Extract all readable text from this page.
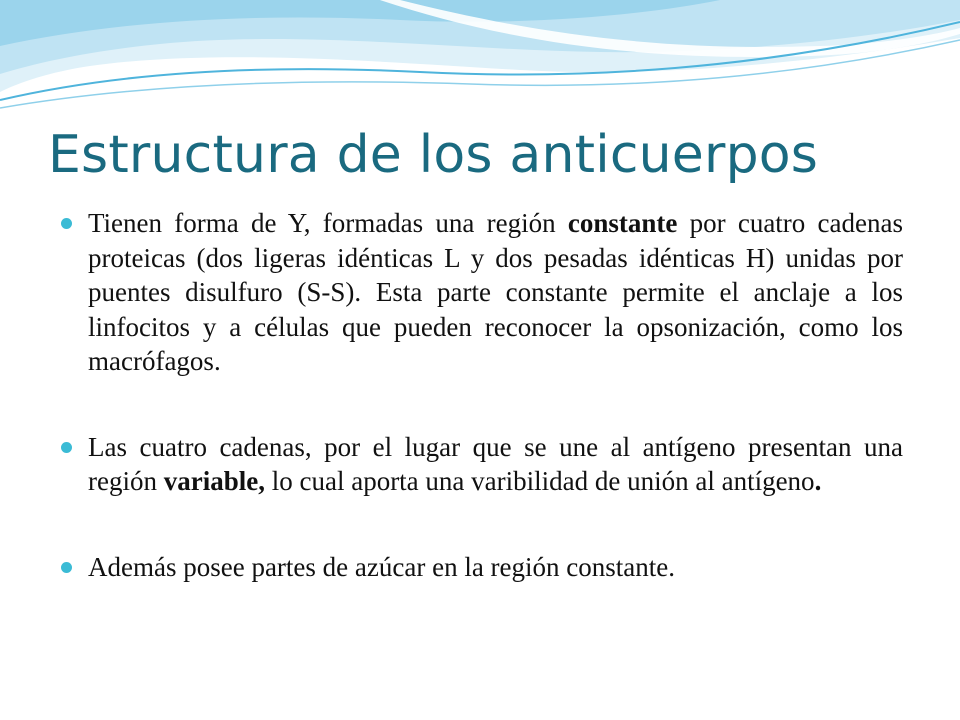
Estructura de los anticuerpos
Tienen forma de Y, formadas una región constante por cuatro cadenas proteicas (dos ligeras idénticas L y dos pesadas idénticas H) unidas por puentes disulfuro (S-S). Esta parte constante permite el anclaje a los linfocitos y a células que pueden reconocer la opsonización, como los macrófagos.
Las cuatro cadenas, por el lugar que se une al antígeno presentan una región variable, lo cual aporta una varibilidad de unión al antígeno.
Además posee partes de azúcar en la región constante.
